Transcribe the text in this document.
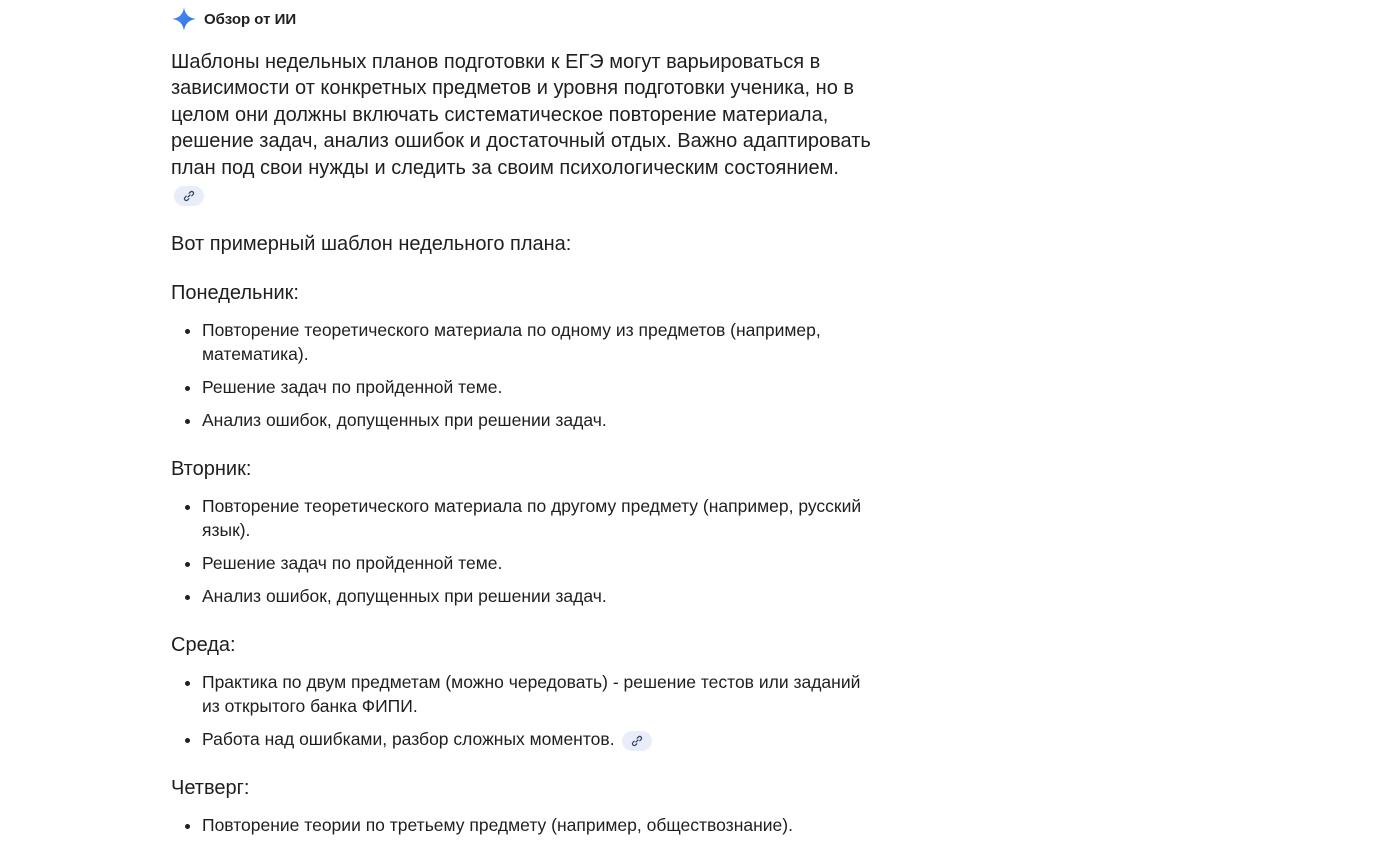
Обзор от ИИ

Шаблоны недельных планов подготовки к ЕГЭ могут варьироваться в зависимости от конкретных предметов и уровня подготовки ученика, но в целом они должны включать систематическое повторение материала, решение задач, анализ ошибок и достаточный отдых. Важно адаптировать план под свои нужды и следить за своим психологическим состоянием.

Вот примерный шаблон недельного плана:

Понедельник:

• Повторение теоретического материала по одному из предметов (например, математика).
• Решение задач по пройденной теме.
• Анализ ошибок, допущенных при решении задач.

Вторник:

• Повторение теоретического материала по другому предмету (например, русский язык).
• Решение задач по пройденной теме.
• Анализ ошибок, допущенных при решении задач.

Среда:

• Практика по двум предметам (можно чередовать) - решение тестов или заданий из открытого банка ФИПИ.
• Работа над ошибками, разбор сложных моментов.

Четверг:

• Повторение теории по третьему предмету (например, обществознание).
